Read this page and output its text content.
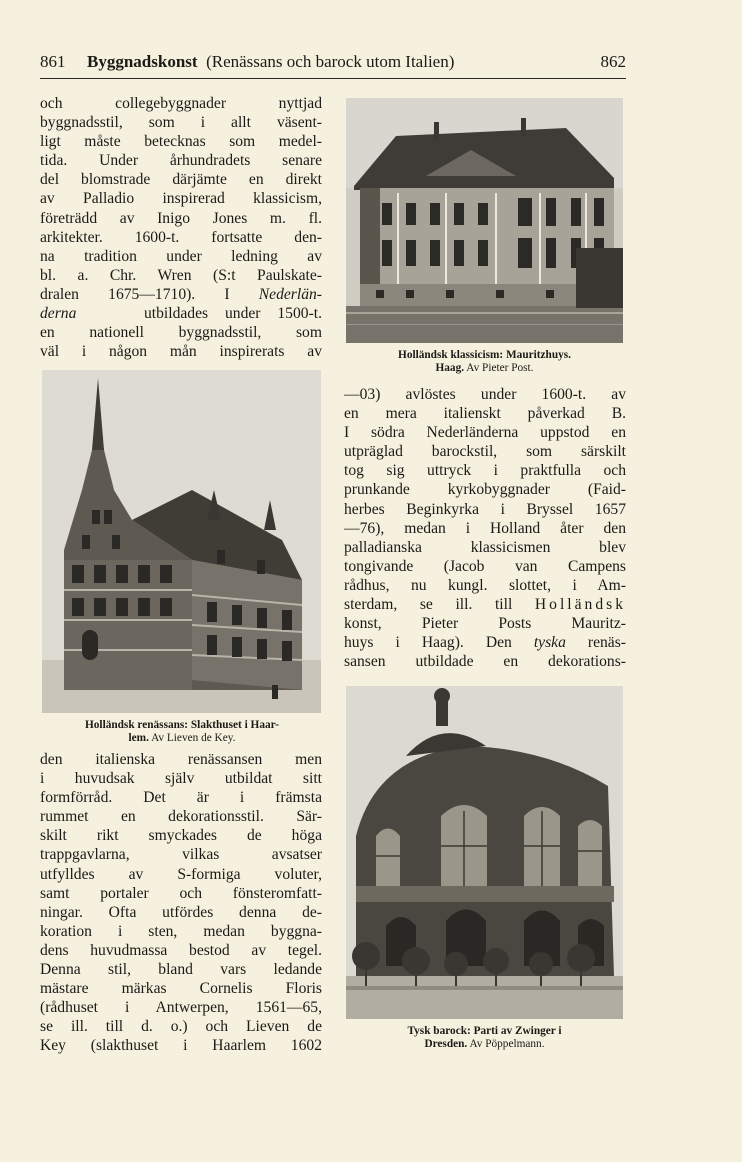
861 Byggnadskonst (Renässans och barock utom Italien)	862
och collegebyggnader nyttjad
byggnadsstil, som i allt väsent-
ligt måste betecknas som medel-
tida. Under århundradets senare
del blomstrade därjämte en direkt
av Palladio inspirerad klassicism,
företrädd av Inigo Jones m. fl.
arkitekter. 1600-t. fortsatte den-
na tradition under ledning av
bl. a. Chr. Wren (S:t Paulskate-
dralen 1675—1710). I Nederlän-
derna	utbildades under 1500-t.
en nationell byggnadsstil, som
väl i någon mån inspirerats av
Holländsk renässans: Slakthuset i Haar-
lem. Av Lieven de Key.
den italienska renässansen men
i huvudsak själv utbildat sitt
formförråd. Det är i främsta
rummet en dekorationsstil. Sär-
skilt rikt smyckades de höga
trappgavlarna, vilkas avsatser
utfylldes av S-formiga voluter,
samt portaler och fönsteromfatt-
ningar. Ofta utfördes denna de-
koration i sten, medan byggna-
dens huvudmassa bestod av tegel.
Denna stil, bland vars ledande
mästare märkas Cornelis Floris
(rådhuset i Antwerpen, 1561—65,
se ill. till d. o.) och Lieven de
Key (slakthuset i Haarlem 1602
Holländsk klassicism: Mauritzhuys.
Haag. Av Pieter Post.
—03) avlöstes under 1600-t. av
en mera italienskt påverkad B.
I södra Nederländerna uppstod en
utpräglad barockstil, som särskilt
tog sig uttryck i praktfulla och
prunkande kyrkobyggnader (Faid-
herbes Beginkyrka i Bryssel 1657
—76), medan i Holland åter den
palladianska klassicismen blev
tongivande (Jacob van Campens
rådhus, nu kungl. slottet, i Am-
sterdam, se ill. till Holländsk
konst, Pieter Posts Mauritz-
huys i Haag). Den tyska renäs-
sansen utbildade en dekorations-
Tysk barock: Parti av Zwinger i
Dresden. Av Pöppelmann.
